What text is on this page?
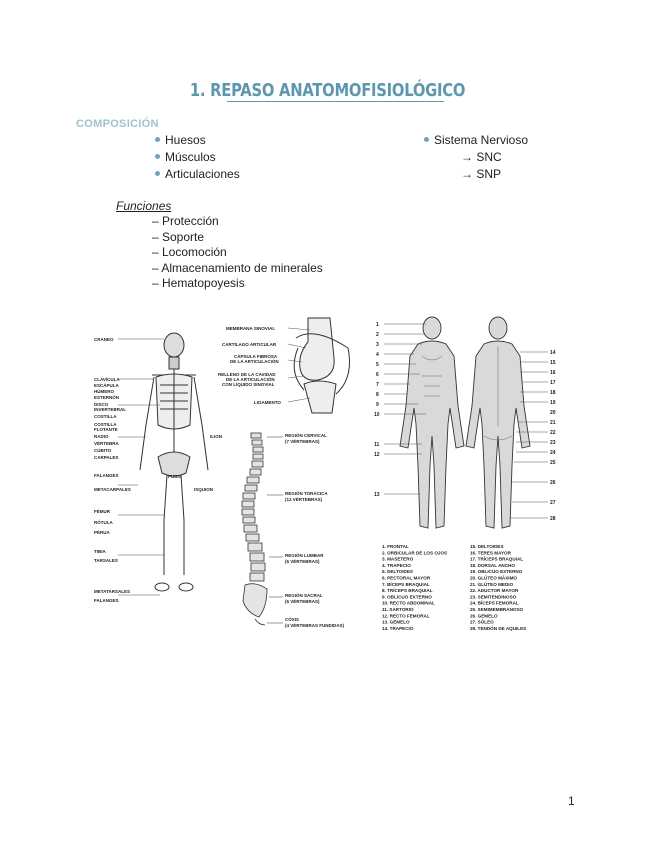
1. REPASO ANATOMOFISIOLÓGICO
COMPOSICIÓN
Huesos
Músculos
Articulaciones
Sistema Nervioso
→ SNC
→ SNP
Funciones
– Protección
– Soporte
– Locomoción
– Almacenamiento de minerales
– Hematopoyesis
CRANEO
CLAVÍCULA
ESCÁPULA
HÚMERO
ESTERNÓN
DISCO
INVERTEBRAL
COSTILLA
COSTILLA
FLOTANTE
RADIO
VÉRTEBRA
CÚBITO
CARPALES
FALANGES
METACARPALES
FÉMUR
RÓTULA
PÉRUA
TIBIA
TARSALES
METATARSALES
FALANGES
ILION
PUBIS
ISQUION
MEMBRANA SINOVIAL
CARTÍLAGO ARTICULAR
CÁPSULA FIBROSA
DE LA ARTICULACIÓN
RELLENO DE LA CAVIDAD
DE LA ARTICULACIÓN
CON LÍQUIDO SINOVIAL
LIGAMENTO
REGIÓN CERVICAL
(7 VÉRTEBRAS)
REGIÓN TORÁCICA
(12 VÉRTEBRAS)
REGIÓN LUMBAR
(5 VÉRTEBRAS)
REGIÓN SACRAL
(5 VÉRTEBRAS)
CÓXIS
(4 VÉRTEBRAS FUNDIDAS)
1
2
3
4
5
6
7
8
9
10
11
12
13
14
15
16
17
18
19
20
21
22
23
24
25
26
27
28
1. FRONTAL
2. ORBICULAR DE LOS OJOS
3. MASETERO
4. TRAPECIO
5. DELTOIDES
6. PECTORAL MAYOR
7. BÍCEPS BRAQUIAL
8. TRÍCEPS BRAQUIAL
9. OBLICUO EXTERNO
10. RECTO ABDOMINAL
11. SARTORIO
12. RECTO FEMORAL
13. GEMELO
14. TRAPECIO
15. DELTOIDES
16. TERES MAYOR
17. TRÍCEPS BRAQUIAL
18. DORSAL ANCHO
19. OBLICUO EXTERNO
20. GLÚTEO MÁXIMO
21. GLÚTEO MEDIO
22. ADUCTOR MAYOR
23. SEMITENDINOSO
24. BÍCEPS FEMORAL
25. SEMIMEMBRANOSO
26. GEMELO
27. SÓLEO
28. TENDÓN DE AQUILES
1
